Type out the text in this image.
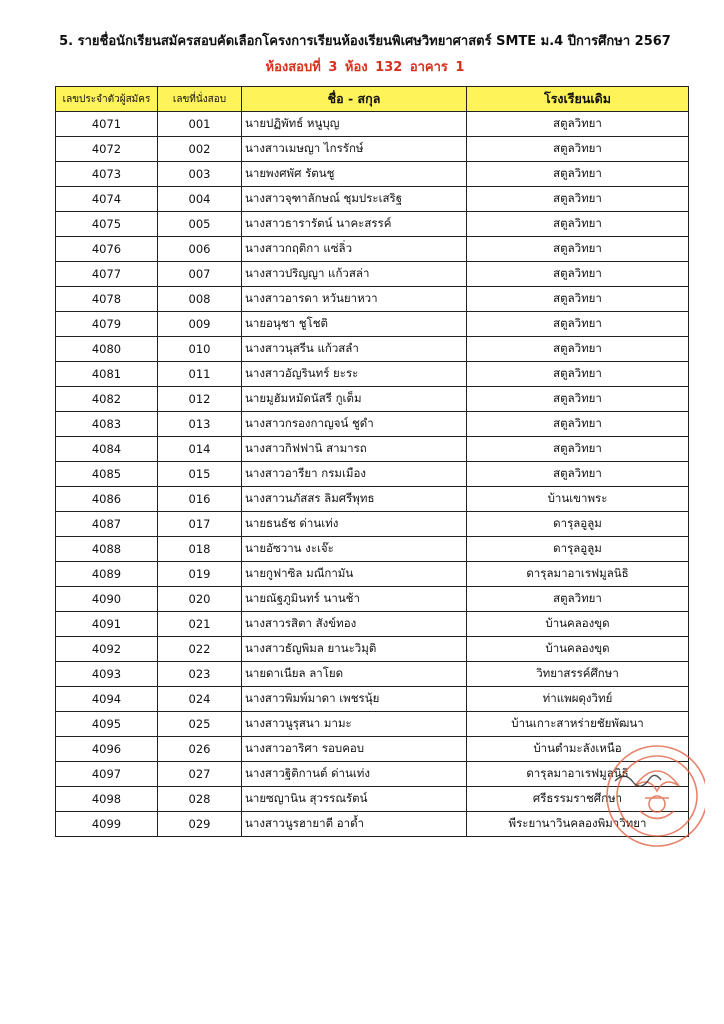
5. รายชื่อนักเรียนสมัครสอบคัดเลือกโครงการเรียนห้องเรียนพิเศษวิทยาศาสตร์ SMTE ม.4 ปีการศึกษา 2567
ห้องสอบที่ 3 ห้อง 132 อาคาร 1
เลขประจำตัวผู้สมัคร	เลขที่นั่งสอบ	ชื่อ - สกุล	โรงเรียนเดิม
4071	001	นายปฏิพัทธ์ หนูบุญ	สตูลวิทยา
4072	002	นางสาวเมษญา ไกรรักษ์	สตูลวิทยา
4073	003	นายพงศพัศ รัตนชู	สตูลวิทยา
4074	004	นางสาวจุฑาลักษณ์ ชุมประเสริฐ	สตูลวิทยา
4075	005	นางสาวธารารัตน์ นาคะสรรค์	สตูลวิทยา
4076	006	นางสาวกฤติกา แซ่ลิ่ว	สตูลวิทยา
4077	007	นางสาวปริญญา แก้วสล่า	สตูลวิทยา
4078	008	นางสาวอารดา หวันยาหวา	สตูลวิทยา
4079	009	นายอนุชา ชูโชติ	สตูลวิทยา
4080	010	นางสาวนุสรีน แก้วสลำ	สตูลวิทยา
4081	011	นางสาวอัญรินทร์ ยะระ	สตูลวิทยา
4082	012	นายมูฮัมหมัดนัสรี กูเต็ม	สตูลวิทยา
4083	013	นางสาวกรองกาญจน์ ชูดำ	สตูลวิทยา
4084	014	นางสาวกิฟฟานิ สามารถ	สตูลวิทยา
4085	015	นางสาวอารียา กรมเมือง	สตูลวิทยา
4086	016	นางสาวนภัสสร ลิมศรีพุทธ	บ้านเขาพระ
4087	017	นายธนธัช ด่านเท่ง	ดารุลอูลูม
4088	018	นายอัซวาน งะเจ๊ะ	ดารุลอูลูม
4089	019	นายกูฟาซิล มณีกามัน	ดารุลมาอาเรฟมูลนิธิ
4090	020	นายณัฐภูมินทร์ นานช้า	สตูลวิทยา
4091	021	นางสาวรสิตา สังข์ทอง	บ้านคลองขุด
4092	022	นางสาวธัญพิมล ยานะวิมุติ	บ้านคลองขุด
4093	023	นายดาเนียล ลาโยด	วิทยาสรรค์ศึกษา
4094	024	นางสาวพิมพ์มาดา เพชรนุ้ย	ท่าแพผดุงวิทย์
4095	025	นางสาวนูรุสนา มามะ	บ้านเกาะสาหร่ายชัยพัฒนา
4096	026	นางสาวอาริศา รอบคอบ	บ้านตำมะลังเหนือ
4097	027	นางสาวฐิติกานต์ ด่านเท่ง	ดารุลมาอาเรฟมูลนิธิ
4098	028	นายซญานิน สุวรรณรัตน์	ศรีธรรมราชศึกษา
4099	029	นางสาวนูรฮายาตี อาด้ำ	พีระยานาวินคลองพิมาวิทยา
